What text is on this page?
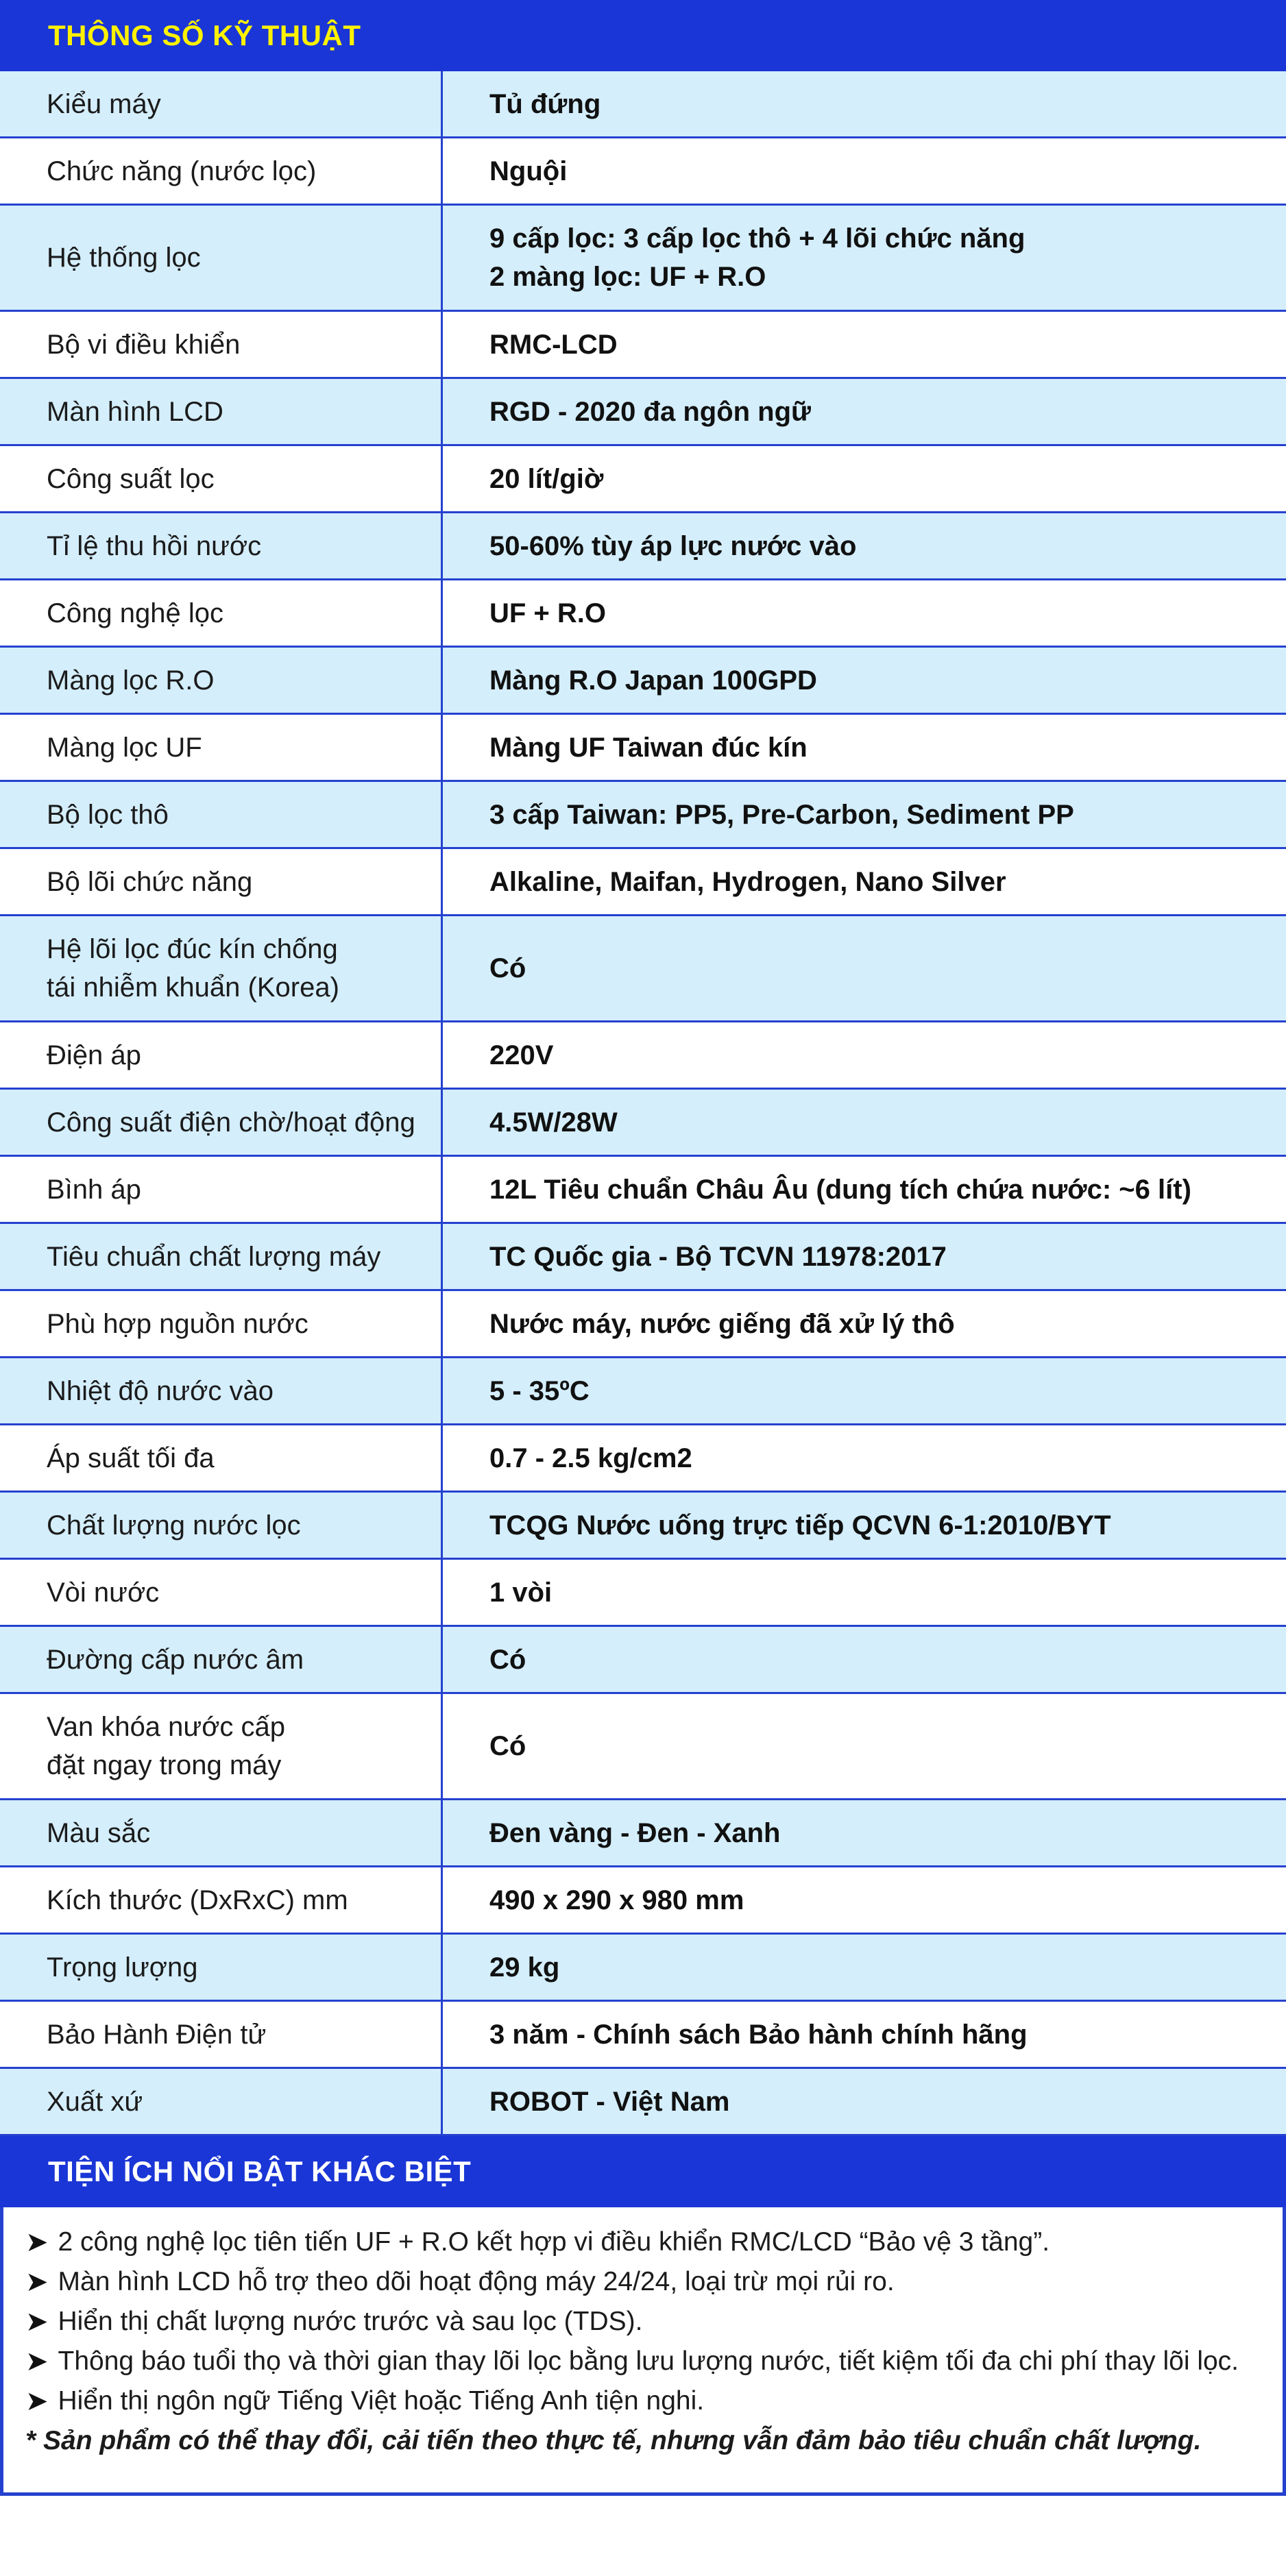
THÔNG SỐ KỸ THUẬT
Kiểu máy	Tủ đứng
Chức năng (nước lọc)	Nguội
Hệ thống lọc	9 cấp lọc: 3 cấp lọc thô + 4 lõi chức năng
2 màng lọc: UF + R.O
Bộ vi điều khiển	RMC-LCD
Màn hình LCD	RGD - 2020 đa ngôn ngữ
Công suất lọc	20 lít/giờ
Tỉ lệ thu hồi nước	50-60% tùy áp lực nước vào
Công nghệ lọc	UF + R.O
Màng lọc R.O	Màng R.O Japan 100GPD
Màng lọc UF	Màng UF Taiwan đúc kín
Bộ lọc thô	3 cấp Taiwan: PP5, Pre-Carbon, Sediment PP
Bộ lõi chức năng	Alkaline, Maifan, Hydrogen, Nano Silver
Hệ lõi lọc đúc kín chống
tái nhiễm khuẩn (Korea)	Có
Điện áp	220V
Công suất điện chờ/hoạt động	4.5W/28W
Bình áp	12L Tiêu chuẩn Châu Âu (dung tích chứa nước: ~6 lít)
Tiêu chuẩn chất lượng máy	TC Quốc gia - Bộ TCVN 11978:2017
Phù hợp nguồn nước	Nước máy, nước giếng đã xử lý thô
Nhiệt độ nước vào	5 - 35ºC
Áp suất tối đa	0.7 - 2.5 kg/cm2
Chất lượng nước lọc	TCQG Nước uống trực tiếp QCVN 6-1:2010/BYT
Vòi nước	1 vòi
Đường cấp nước âm	Có
Van khóa nước cấp
đặt ngay trong máy	Có
Màu sắc	Đen vàng - Đen - Xanh
Kích thước (DxRxC) mm	490 x 290 x 980 mm
Trọng lượng	29 kg
Bảo Hành Điện tử	3 năm - Chính sách Bảo hành chính hãng
Xuất xứ	ROBOT - Việt Nam
TIỆN ÍCH NỔI BẬT KHÁC BIỆT
➤ 2 công nghệ lọc tiên tiến UF + R.O kết hợp vi điều khiển RMC/LCD “Bảo vệ 3 tầng”.
➤ Màn hình LCD hỗ trợ theo dõi hoạt động máy 24/24, loại trừ mọi rủi ro.
➤ Hiển thị chất lượng nước trước và sau lọc (TDS).
➤ Thông báo tuổi thọ và thời gian thay lõi lọc bằng lưu lượng nước, tiết kiệm tối đa chi phí thay lõi lọc.
➤ Hiển thị ngôn ngữ Tiếng Việt hoặc Tiếng Anh tiện nghi.
* Sản phẩm có thể thay đổi, cải tiến theo thực tế, nhưng vẫn đảm bảo tiêu chuẩn chất lượng.
